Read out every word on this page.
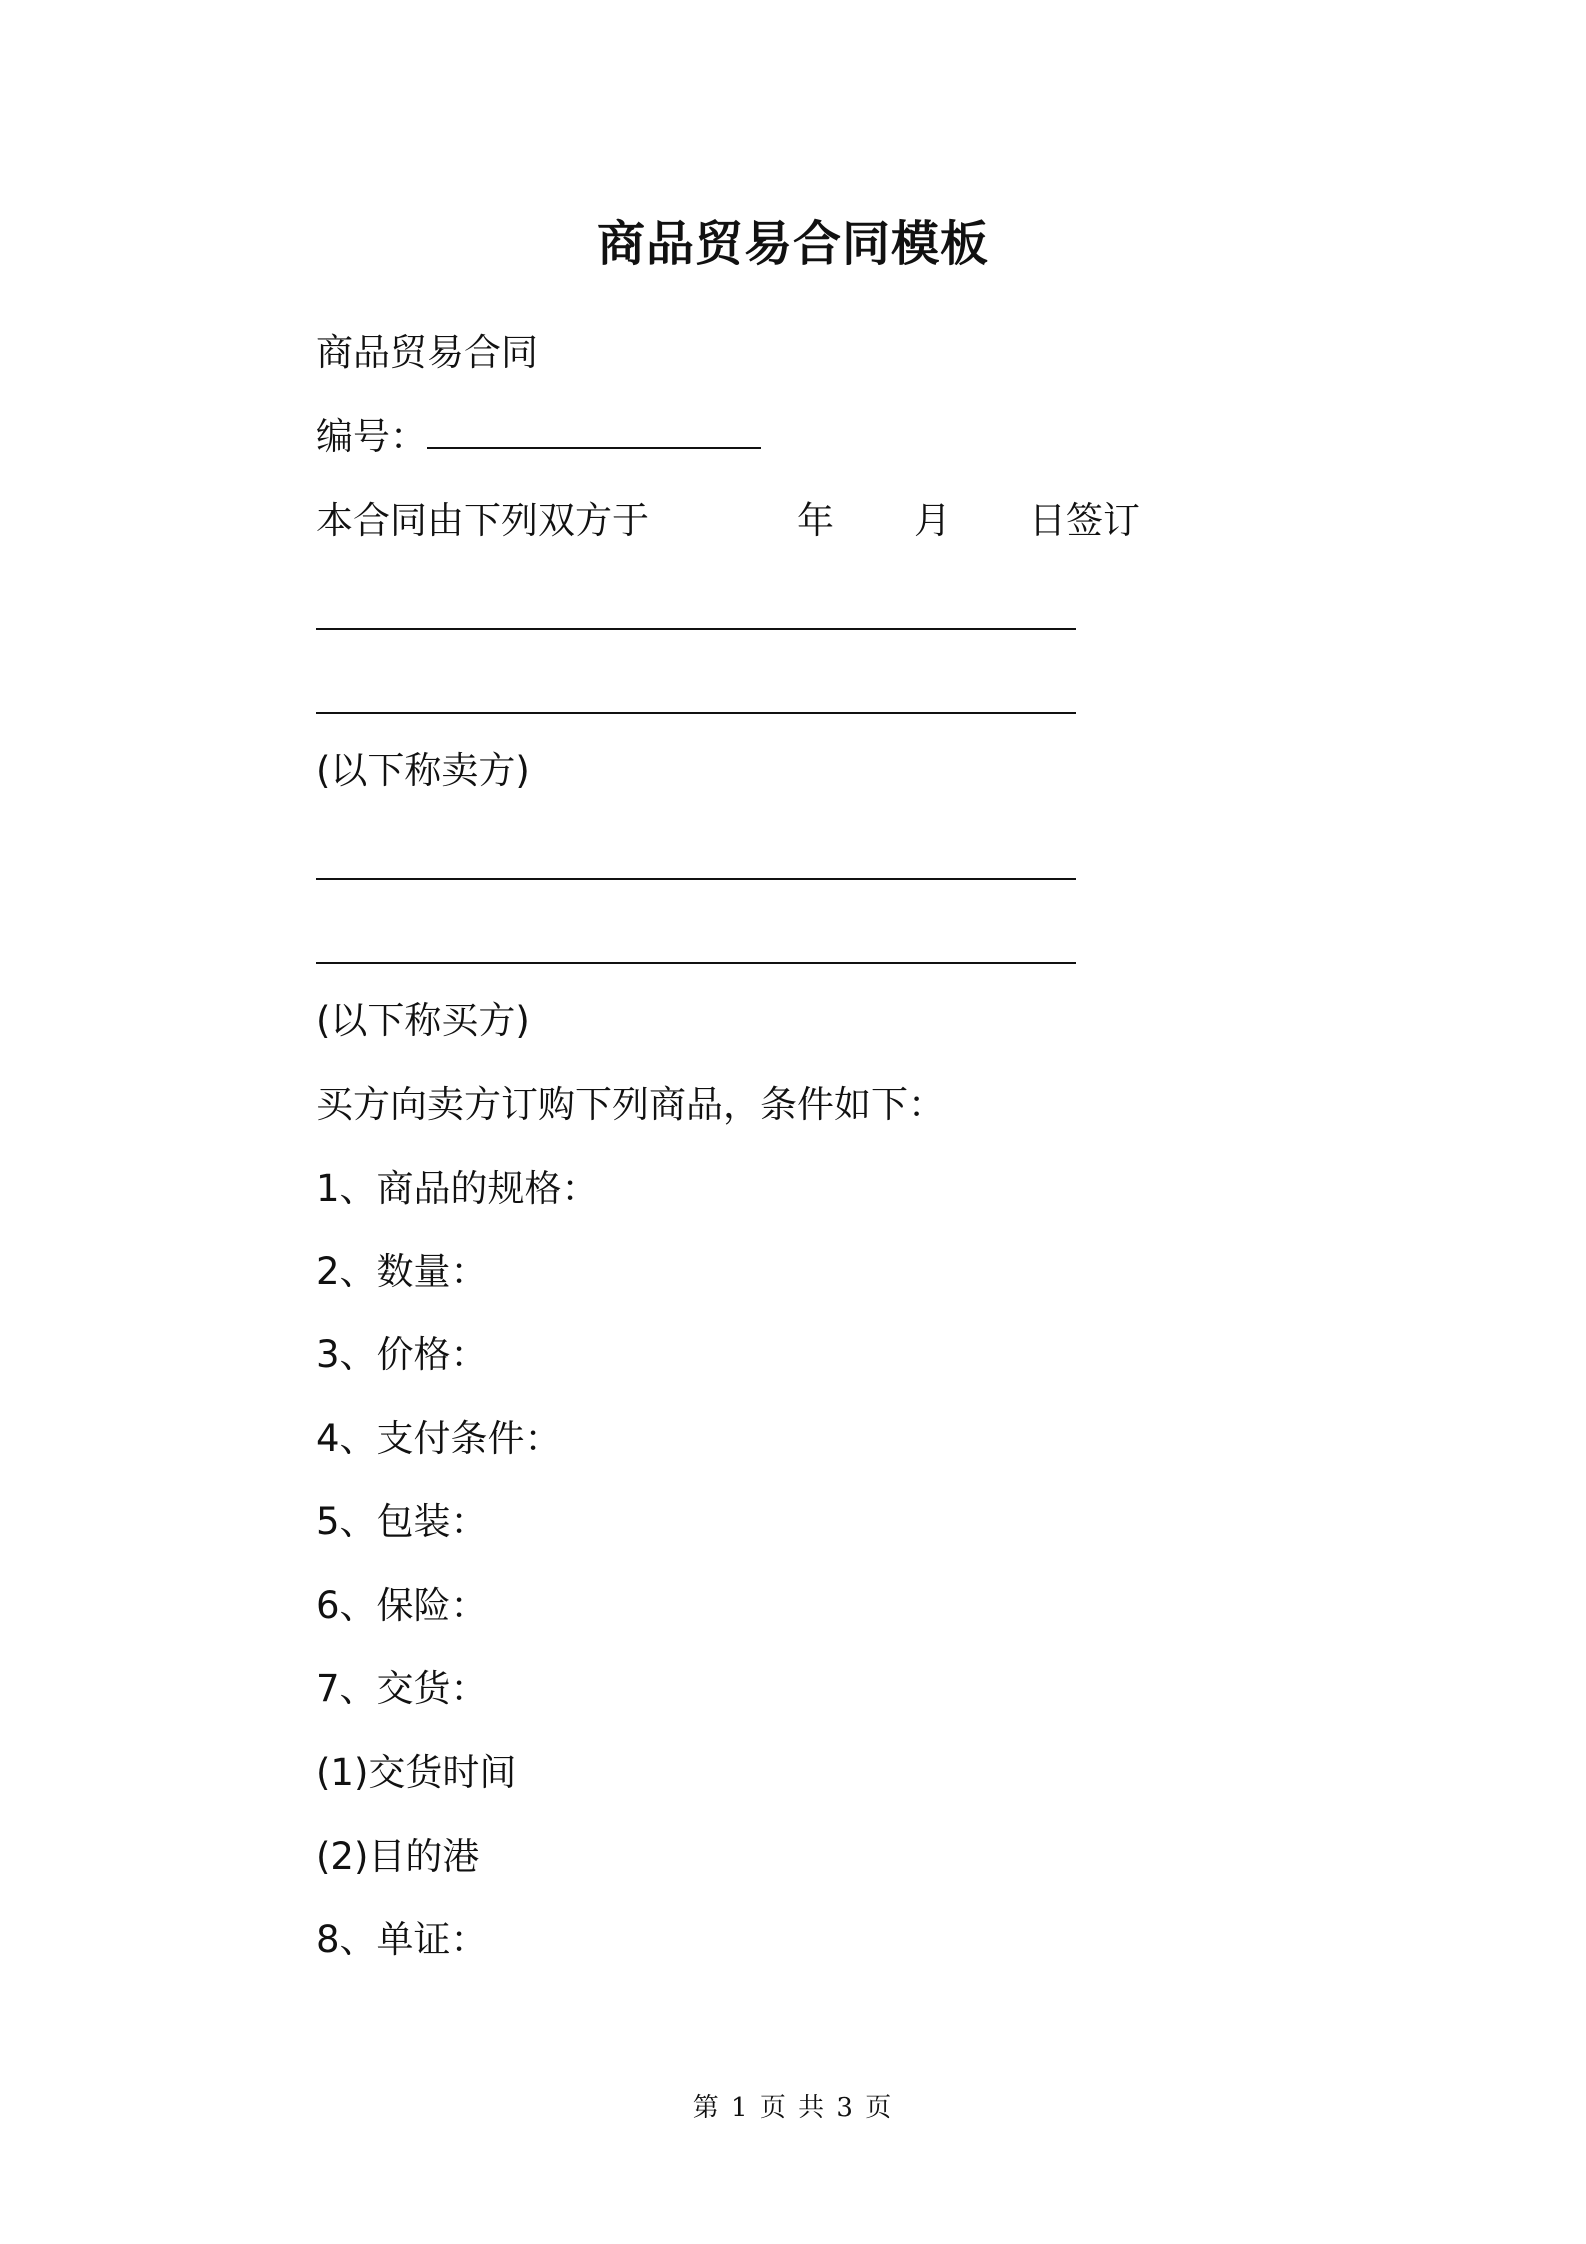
商品贸易合同模板
商品贸易合同
编号：
本合同由下列双方于	年 月 日签订
(以下称卖方)
(以下称买方)
买方向卖方订购下列商品，条件如下：
1、商品的规格：
2、数量：
3、价格：
4、支付条件：
5、包装：
6、保险：
7、交货：
(1)交货时间
(2)目的港
8、单证：
第 1 页 共 3 页
